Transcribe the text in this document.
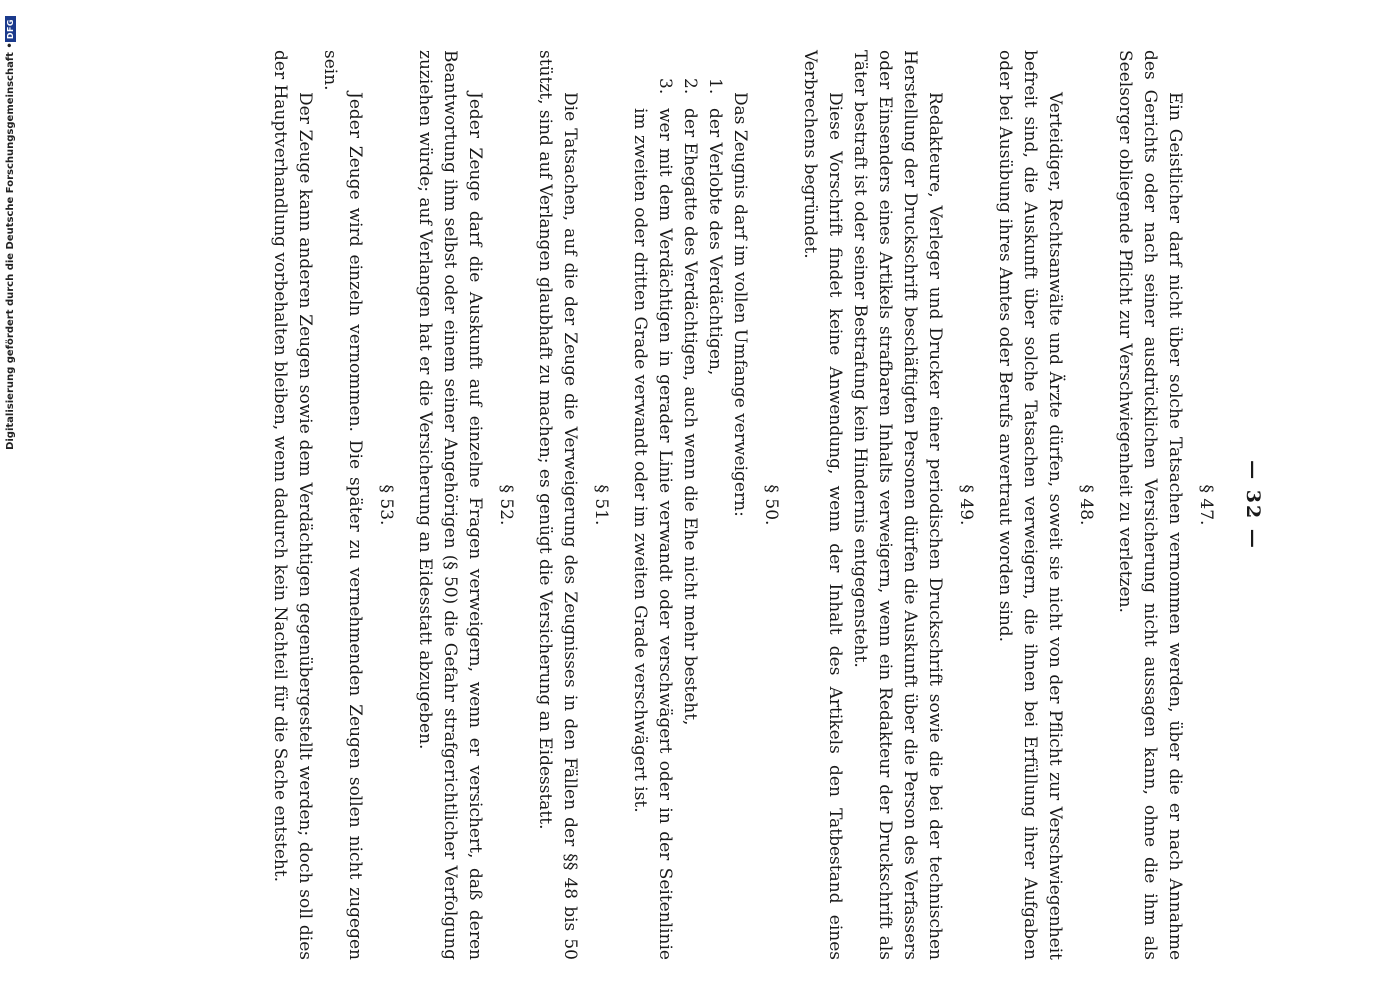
Digitalisierung gefördert durch die Deutsche Forschungsgemeinschaft •
DFG
— 32 —
§ 47.

Ein Geistlicher darf nicht über solche Tatsachen vernommen werden, über die er nach Annahme des Gerichts oder nach seiner ausdrücklichen Versicherung nicht aussagen kann, ohne die ihm als Seelsorger obliegende Pflicht zur Verschwiegenheit zu verletzen.

§ 48.

Verteidiger, Rechtsanwälte und Ärzte dürfen, soweit sie nicht von der Pflicht zur Verschwiegenheit befreit sind, die Auskunft über solche Tatsachen verweigern, die ihnen bei Erfüllung ihrer Aufgaben oder bei Ausübung ihres Amtes oder Berufs anvertraut worden sind.

§ 49.

Redakteure, Verleger und Drucker einer periodischen Druckschrift sowie die bei der technischen Herstellung der Druckschrift beschäftigten Personen dürfen die Auskunft über die Person des Verfassers oder Einsenders eines Artikels strafbaren Inhalts verweigern, wenn ein Redakteur der Druckschrift als Täter bestraft ist oder seiner Bestrafung kein Hindernis entgegensteht.

Diese Vorschrift findet keine Anwendung, wenn der Inhalt des Artikels den Tatbestand eines Verbrechens begründet.

§ 50.

Das Zeugnis darf im vollen Umfange verweigern:

1.
der Verlobte des Verdächtigen,
2.
der Ehegatte des Verdächtigen, auch wenn die Ehe nicht mehr besteht,
3.
wer mit dem Verdächtigen in gerader Linie verwandt oder verschwägert oder in der Seitenlinie im zweiten oder dritten Grade verwandt oder im zweiten Grade verschwägert ist.
§ 51.

Die Tatsachen, auf die der Zeuge die Verweigerung des Zeugnisses in den Fällen der §§ 48 bis 50 stützt, sind auf Verlangen glaubhaft zu machen; es genügt die Versicherung an Eidesstatt.

§ 52.

Jeder Zeuge darf die Auskunft auf einzelne Fragen verweigern, wenn er versichert, daß deren Beantwortung ihm selbst oder einem seiner Angehörigen (§ 50) die Gefahr strafgerichtlicher Verfolgung zuziehen würde; auf Verlangen hat er die Versicherung an Eidesstatt abzugeben.

§ 53.

Jeder Zeuge wird einzeln vernommen. Die später zu vernehmenden Zeugen sollen nicht zugegen sein.

Der Zeuge kann anderen Zeugen sowie dem Verdächtigen gegenübergestellt werden; doch soll dies der Hauptverhandlung vorbehalten bleiben, wenn dadurch kein Nachteil für die Sache entsteht.
